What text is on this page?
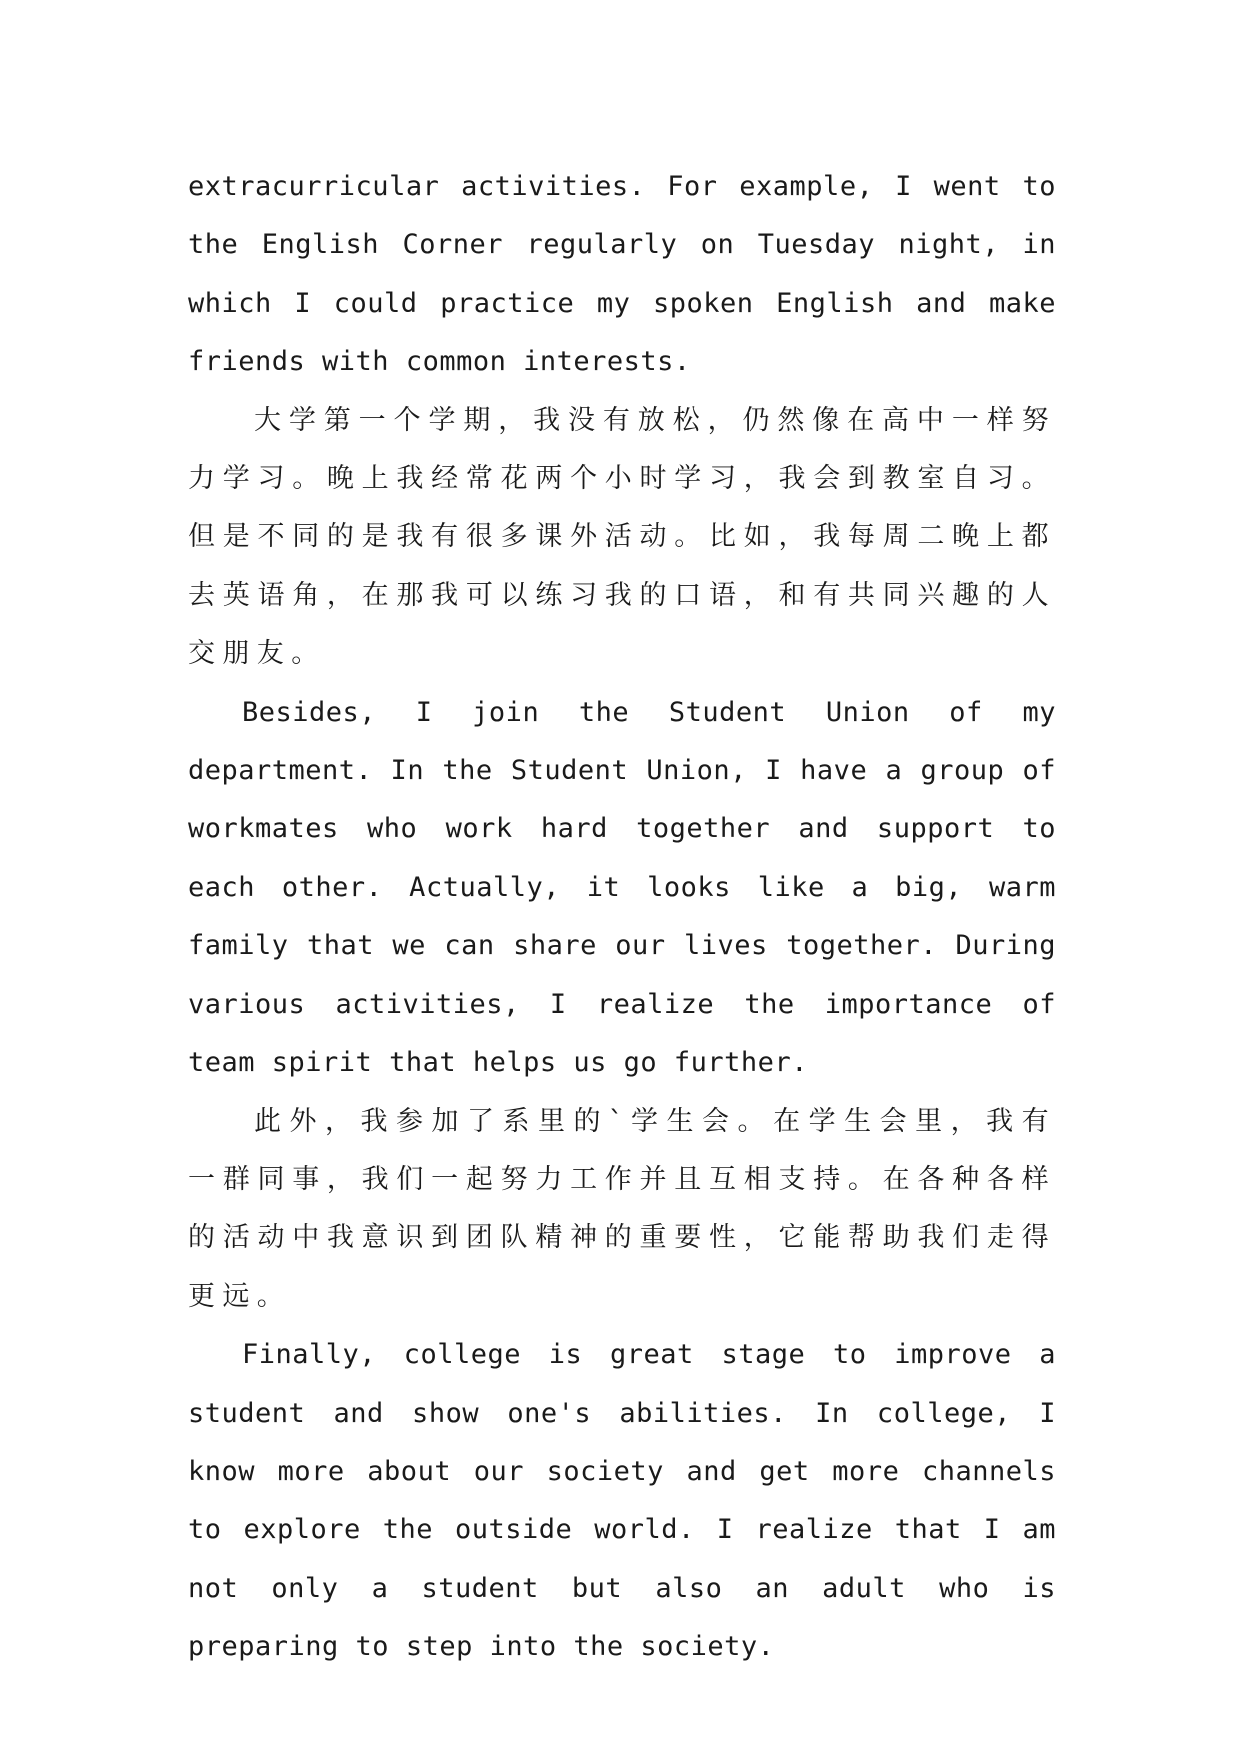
extracurricular activities. For example, I went to the English Corner regularly on Tuesday night, in which I could practice my spoken English and make friends with common interests.

大学第一个学期，我没有放松，仍然像在高中一样努力学习。晚上我经常花两个小时学习，我会到教室自习。但是不同的是我有很多课外活动。比如，我每周二晚上都去英语角，在那我可以练习我的口语，和有共同兴趣的人交朋友。

Besides, I join the Student Union of my department. In the Student Union, I have a group of workmates who work hard together and support to each other. Actually, it looks like a big, warm family that we can share our lives together. During various activities, I realize the importance of team spirit that helps us go further.

此外，我参加了系里的`学生会。在学生会里，我有一群同事，我们一起努力工作并且互相支持。在各种各样的活动中我意识到团队精神的重要性，它能帮助我们走得更远。

Finally, college is great stage to improve a student and show one's abilities. In college, I know more about our society and get more channels to explore the outside world. I realize that I am not only a student but also an adult who is preparing to step into the society.
